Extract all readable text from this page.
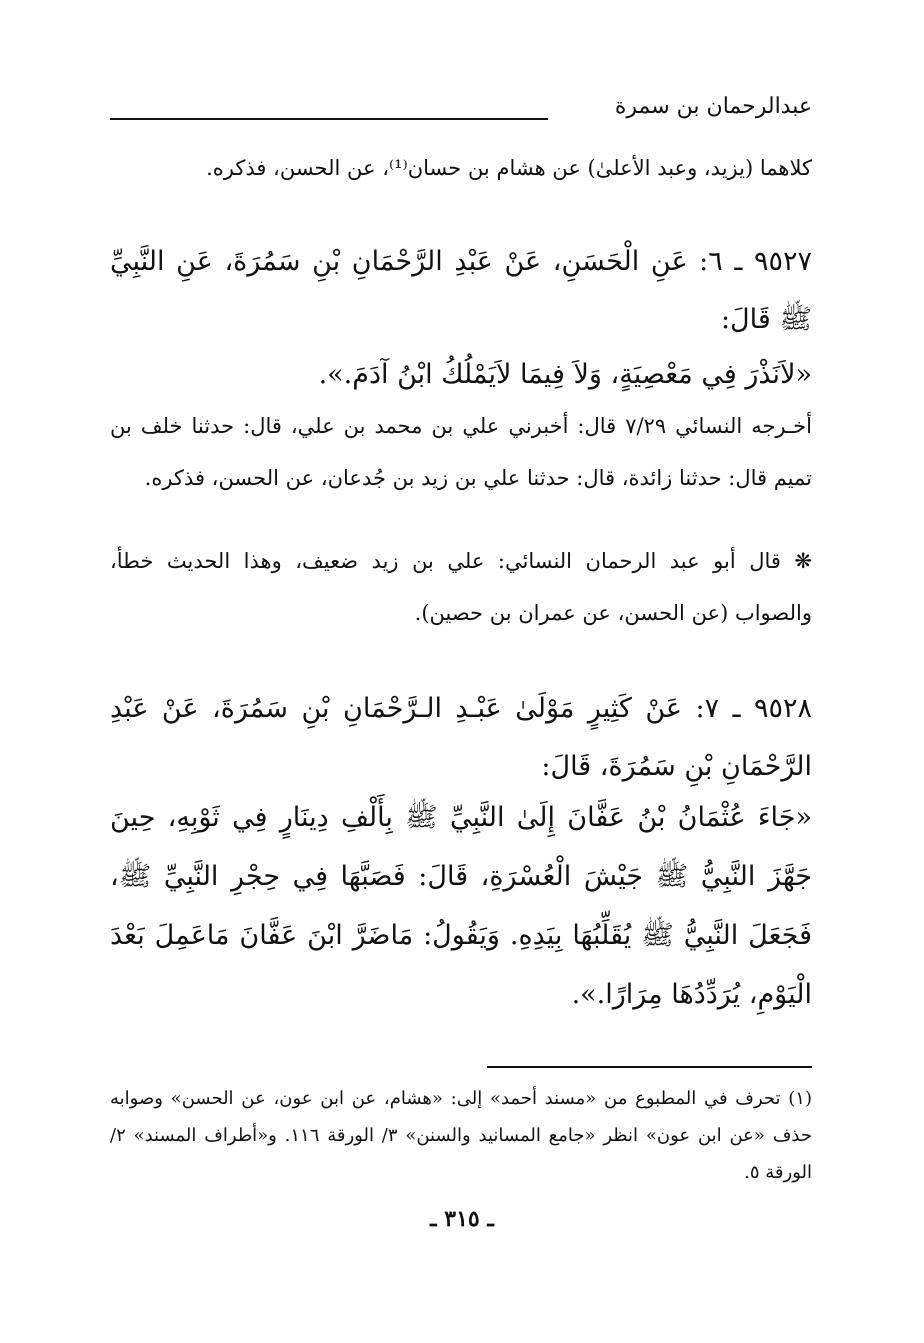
عبدالرحمان بن سمرة
كلاهما (يزيد، وعبد الأعلىٰ) عن هشام بن حسان⁽¹⁾، عن الحسن، فذكره.
٩٥٢٧ ـ ٦: عَنِ الْحَسَنِ، عَنْ عَبْدِ الرَّحْمَانِ بْنِ سَمُرَةَ، عَنِ النَّبِيِّ ﷺ قَالَ:
«لاَنَذْرَ فِي مَعْصِيَةٍ، وَلاَ فِيمَا لاَيَمْلُكُ ابْنُ آدَمَ.».
أخـرجه النسائي ٧/٢٩ قال: أخبرني علي بن محمد بن علي، قال: حدثنا خلف بن تميم قال: حدثنا زائدة، قال: حدثنا علي بن زيد بن جُدعان، عن الحسن، فذكره.
❋ قال أبو عبد الرحمان النسائي: علي بن زيد ضعيف، وهذا الحديث خطأ، والصواب (عن الحسن، عن عمران بن حصين).
٩٥٢٨ ـ ٧: عَنْ كَثِيرٍ مَوْلَىٰ عَبْـدِ الـرَّحْمَانِ بْنِ سَمُرَةَ، عَنْ عَبْدِ الرَّحْمَانِ بْنِ سَمُرَةَ، قَالَ:
«جَاءَ عُثْمَانُ بْنُ عَفَّانَ إِلَىٰ النَّبِيِّ ﷺ بِأَلْفِ دِينَارٍ فِي ثَوْبِهِ، حِينَ جَهَّزَ النَّبِيُّ ﷺ جَيْشَ الْعُسْرَةِ، قَالَ: فَصَبَّهَا فِي حِجْرِ النَّبِيِّ ﷺ، فَجَعَلَ النَّبِيُّ ﷺ يُقَلِّبُهَا بِيَدِهِ. وَيَقُولُ: مَاضَرَّ ابْنَ عَفَّانَ مَاعَمِلَ بَعْدَ الْيَوْمِ، يُرَدِّدُهَا مِرَارًا.».
(١) تحرف في المطبوع من «مسند أحمد» إلى: «هشام، عن ابن عون، عن الحسن» وصوابه حذف «عن ابن عون» انظر «جامع المسانيد والسنن» ٣/ الورقة ١١٦. و«أطراف المسند» ٢/ الورقة ٥.
ـ ٣١٥ ـ
